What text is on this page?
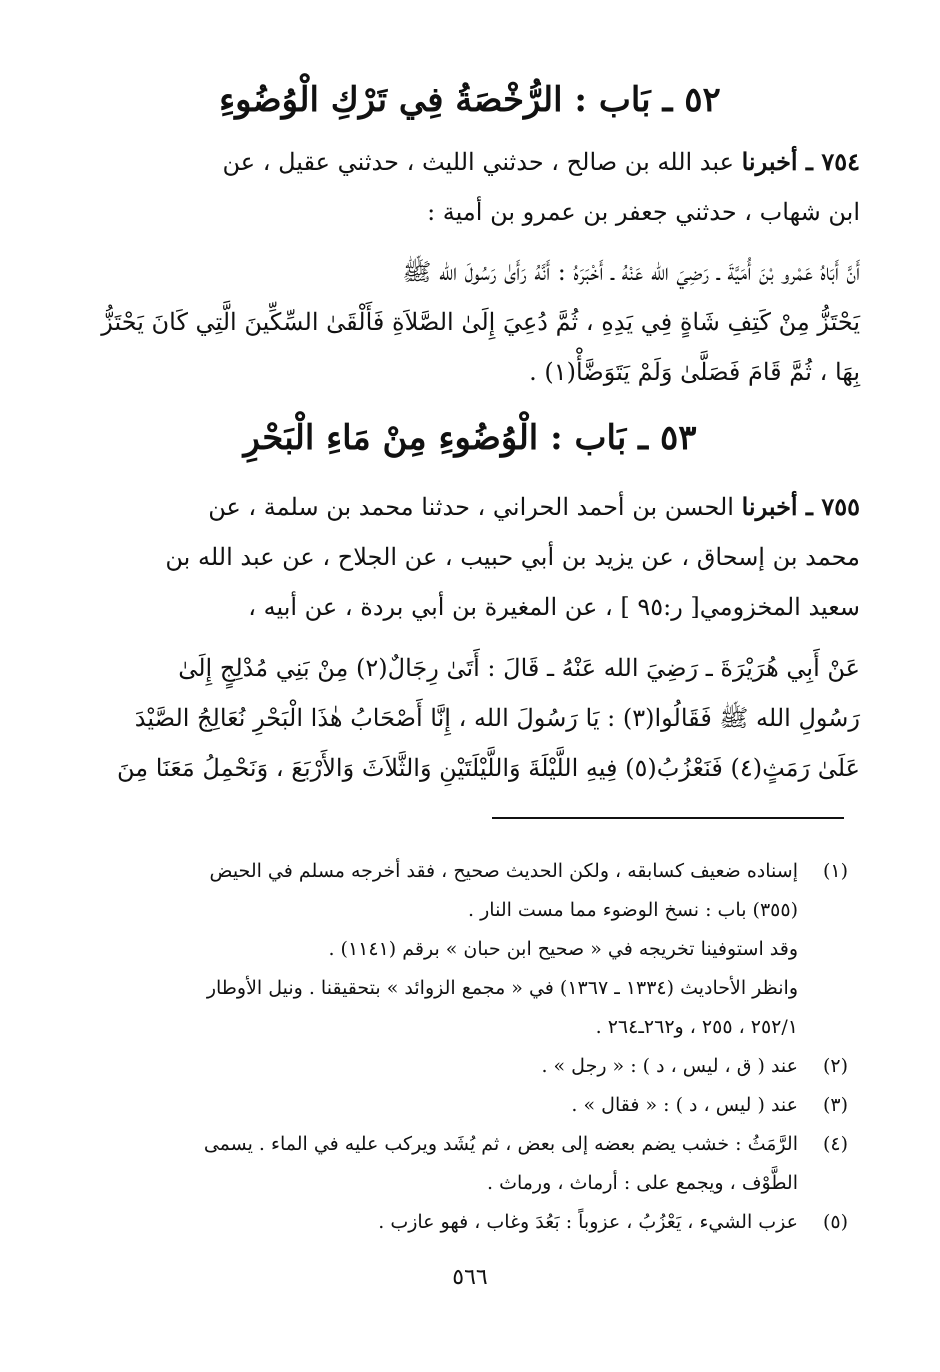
٥٢ ـ بَاب : الرُّخْصَةُ فِي تَرْكِ الْوُضُوءِ
٧٥٤ ـ أخبرنا عبد الله بن صالح ، حدثني الليث ، حدثني عقيل ، عن
ابن شهاب ، حدثني جعفر بن عمرو بن أمية :
أَنَّ أَبَاهُ عَمْرو بْنَ أُمَيَّةَ ـ رَضِيَ الله عَنْهُ ـ أَخْبَرَهُ : أَنَّهُ رَأَىٰ رَسُولَ الله ﷺ
يَحْتَزُّ مِنْ كَتِفِ شَاةٍ فِي يَدِهِ ، ثُمَّ دُعِيَ إِلَىٰ الصَّلاَةِ فَأَلْقَىٰ السِّكِّينَ الَّتِي كَانَ يَحْتَزُّ
بِهَا ، ثُمَّ قَامَ فَصَلَّىٰ وَلَمْ يَتَوَضَّأْ(١) .
٥٣ ـ بَاب : الْوُضُوءِ مِنْ مَاءِ الْبَحْرِ
٧٥٥ ـ أخبرنا الحسن بن أحمد الحراني ، حدثنا محمد بن سلمة ، عن
محمد بن إسحاق ، عن يزيد بن أبي حبيب ، عن الجلاح ، عن عبد الله بن
سعيد المخزومي[ ر:٩٥ ] ، عن المغيرة بن أبي بردة ، عن أبيه ،
عَنْ أَبِي هُرَيْرَةَ ـ رَضِيَ الله عَنْهُ ـ قَالَ : أَتَىٰ رِجَالٌ(٢) مِنْ بَنِي مُدْلِجٍ إِلَىٰ
رَسُولِ الله ﷺ فَقَالُوا(٣) : يَا رَسُولَ الله ، إِنَّا أَصْحَابُ هٰذَا الْبَحْرِ نُعَالِجُ الصَّيْدَ
عَلَىٰ رَمَثٍ(٤) فَنَعْزُبُ(٥) فِيهِ اللَّيْلَةَ وَاللَّيْلَتَيْنِ وَالثَّلاَثَ وَالأَرْبَعَ ، وَنَحْمِلُ مَعَنَا مِنَ
(١)إسناده ضعيف كسابقه ، ولكن الحديث صحيح ، فقد أخرجه مسلم في الحيض
(٣٥٥) باب : نسخ الوضوء مما مست النار .
وقد استوفينا تخريجه في « صحيح ابن حبان » برقم (١١٤١) .
وانظر الأحاديث (١٣٣٤ ـ ١٣٦٧) في « مجمع الزوائد » بتحقيقنا . ونيل الأوطار
٢٥٢/١ ، ٢٥٥ ، و٢٦٢ـ٢٦٤ .
(٢)عند ( ق ، ليس ، د ) : « رجل » .
(٣)عند ( ليس ، د ) : « فقال » .
(٤)الرَّمَثُ : خشب يضم بعضه إلى بعض ، ثم يُشَد ويركب عليه في الماء . يسمى
الطَّوْف ، ويجمع على : أرماث ، ورماث .
(٥)عزب الشيء ، يَعْزُبُ ، عزوباً : بَعُدَ وغاب ، فهو عازب .
٥٦٦
